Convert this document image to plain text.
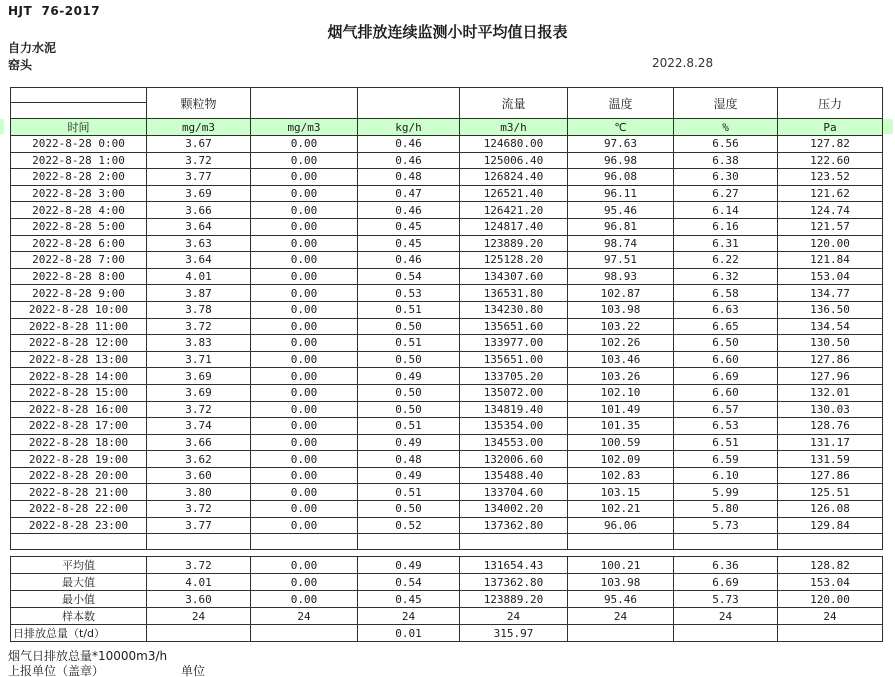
HJT  76-2017
烟气排放连续监测小时平均值日报表
自力水泥
窑头	2022.8.28
	颗粒物			流量	温度	湿度	压力
时间	mg/m3	mg/m3	kg/h	m3/h	℃	%	Pa
2022-8-28 0:00	3.67	0.00	0.46	124680.00	97.63	6.56	127.82
2022-8-28 1:00	3.72	0.00	0.46	125006.40	96.98	6.38	122.60
2022-8-28 2:00	3.77	0.00	0.48	126824.40	96.08	6.30	123.52
2022-8-28 3:00	3.69	0.00	0.47	126521.40	96.11	6.27	121.62
2022-8-28 4:00	3.66	0.00	0.46	126421.20	95.46	6.14	124.74
2022-8-28 5:00	3.64	0.00	0.45	124817.40	96.81	6.16	121.57
2022-8-28 6:00	3.63	0.00	0.45	123889.20	98.74	6.31	120.00
2022-8-28 7:00	3.64	0.00	0.46	125128.20	97.51	6.22	121.84
2022-8-28 8:00	4.01	0.00	0.54	134307.60	98.93	6.32	153.04
2022-8-28 9:00	3.87	0.00	0.53	136531.80	102.87	6.58	134.77
2022-8-28 10:00	3.78	0.00	0.51	134230.80	103.98	6.63	136.50
2022-8-28 11:00	3.72	0.00	0.50	135651.60	103.22	6.65	134.54
2022-8-28 12:00	3.83	0.00	0.51	133977.00	102.26	6.50	130.50
2022-8-28 13:00	3.71	0.00	0.50	135651.00	103.46	6.60	127.86
2022-8-28 14:00	3.69	0.00	0.49	133705.20	103.26	6.69	127.96
2022-8-28 15:00	3.69	0.00	0.50	135072.00	102.10	6.60	132.01
2022-8-28 16:00	3.72	0.00	0.50	134819.40	101.49	6.57	130.03
2022-8-28 17:00	3.74	0.00	0.51	135354.00	101.35	6.53	128.76
2022-8-28 18:00	3.66	0.00	0.49	134553.00	100.59	6.51	131.17
2022-8-28 19:00	3.62	0.00	0.48	132006.60	102.09	6.59	131.59
2022-8-28 20:00	3.60	0.00	0.49	135488.40	102.83	6.10	127.86
2022-8-28 21:00	3.80	0.00	0.51	133704.60	103.15	5.99	125.51
2022-8-28 22:00	3.72	0.00	0.50	134002.20	102.21	5.80	126.08
2022-8-28 23:00	3.77	0.00	0.52	137362.80	96.06	5.73	129.84

平均值	3.72	0.00	0.49	131654.43	100.21	6.36	128.82
最大值	4.01	0.00	0.54	137362.80	103.98	6.69	153.04
最小值	3.60	0.00	0.45	123889.20	95.46	5.73	120.00
样本数	24	24	24	24	24	24	24
日排放总量（t/d）			0.01	315.97			
烟气日排放总量*10000m3/h
上报单位（盖章）	单位
